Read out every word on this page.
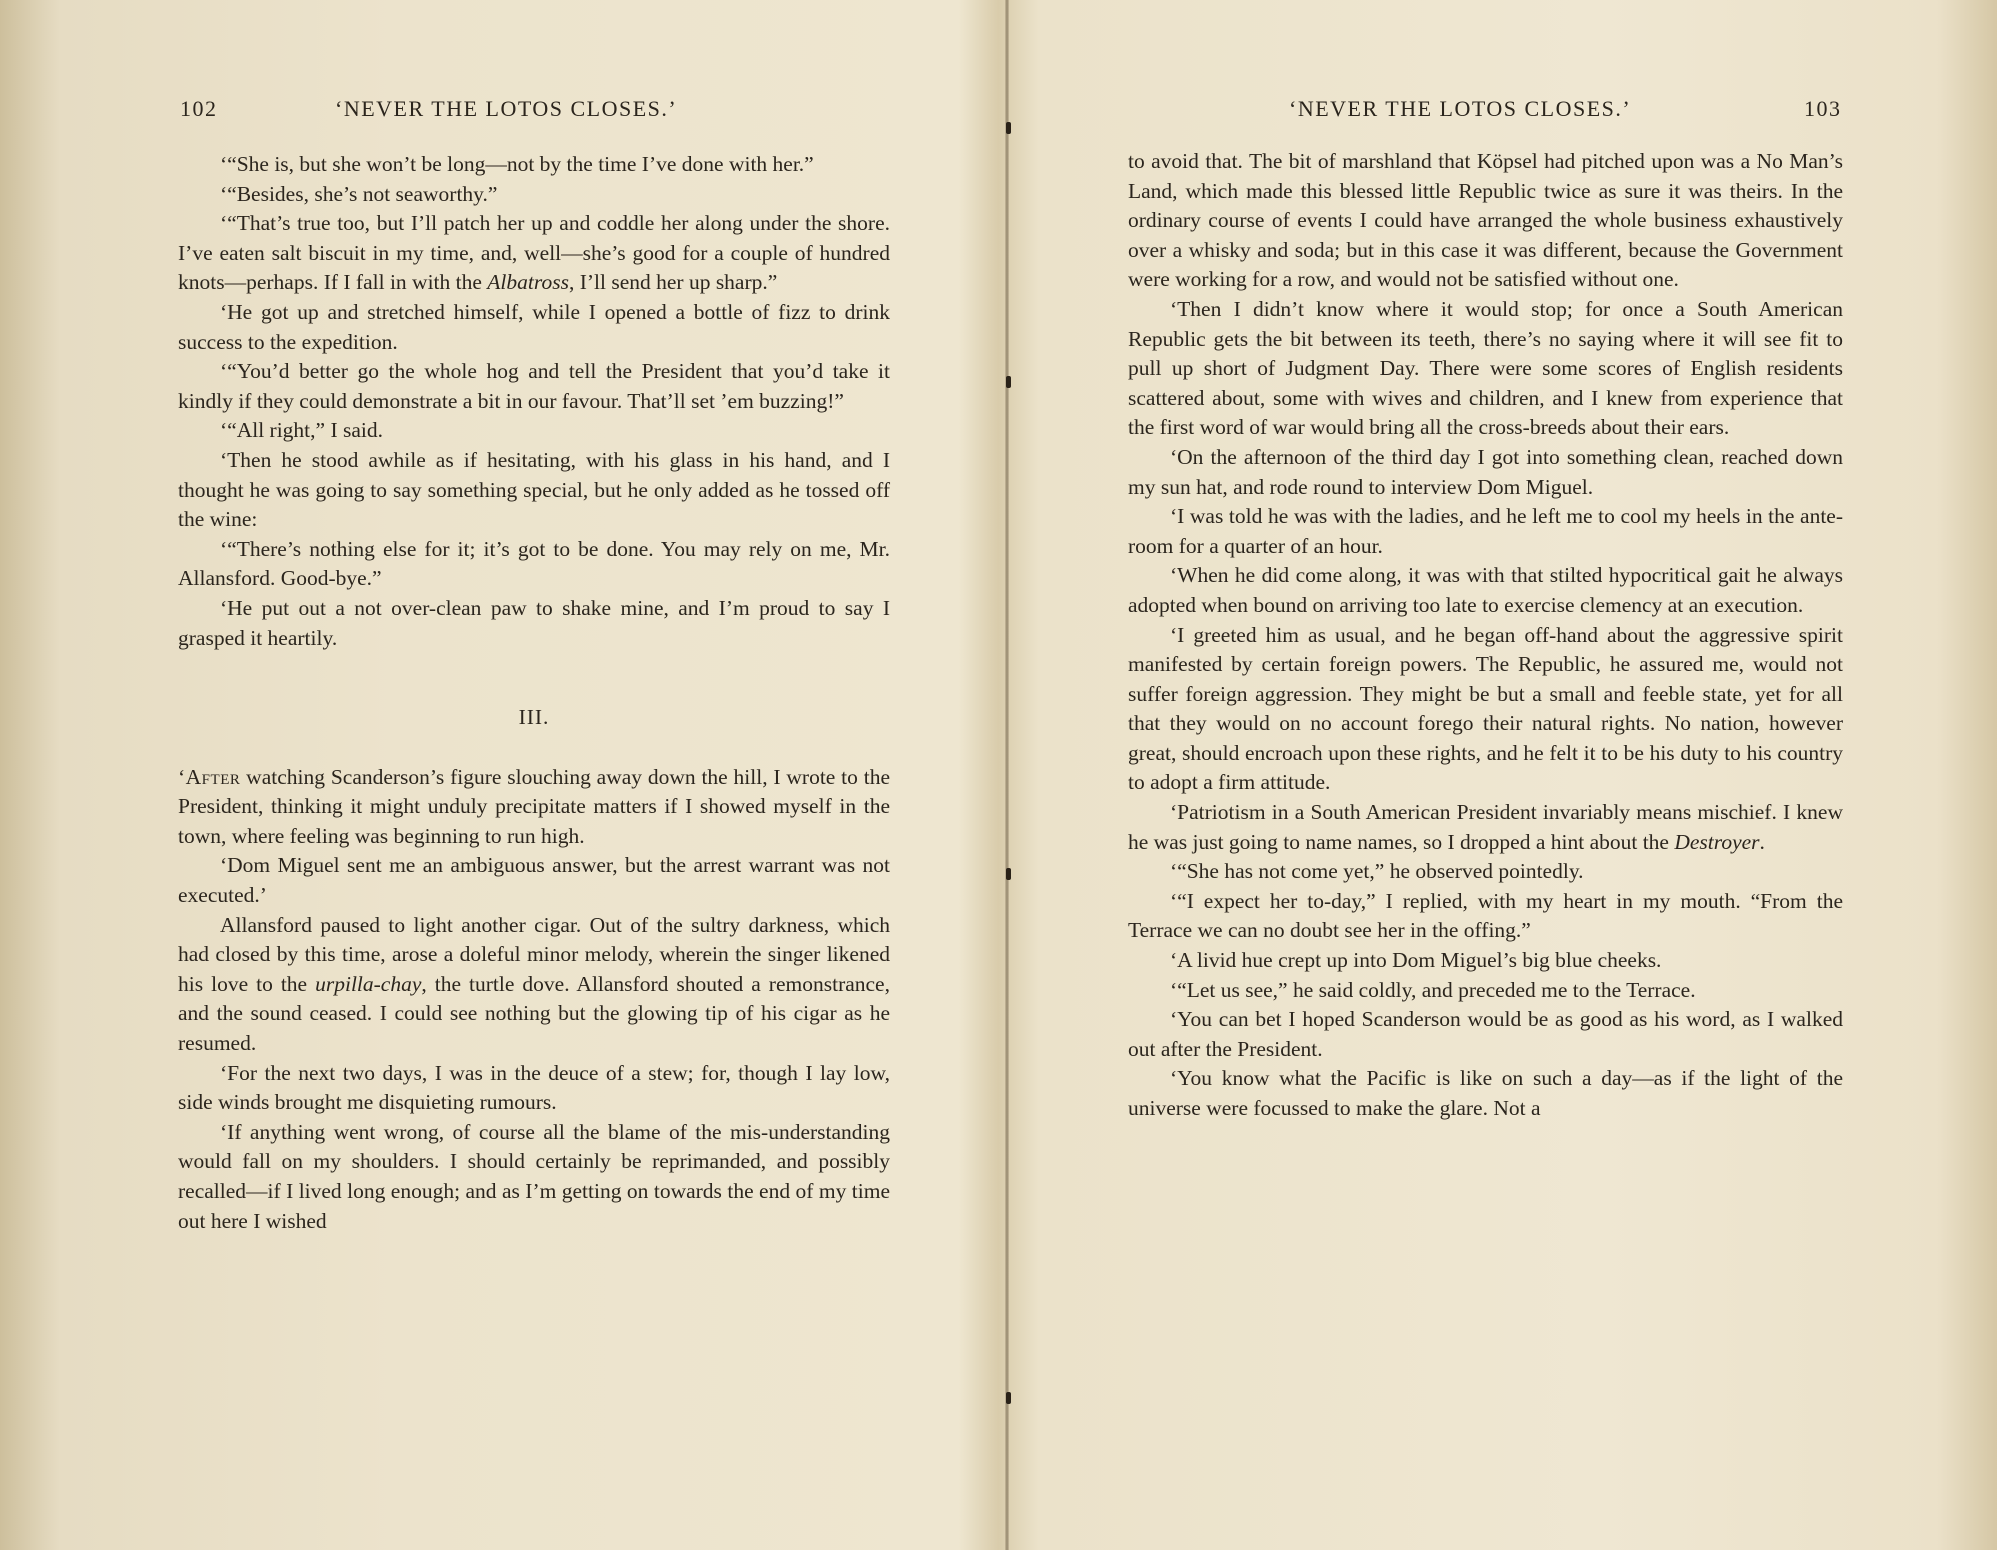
102	‘NEVER THE LOTOS CLOSES.’

‘“She is, but she won’t be long—not by the time I’ve done with her.”

‘“Besides, she’s not seaworthy.”

‘“That’s true too, but I’ll patch her up and coddle her along under the shore. I’ve eaten salt biscuit in my time, and, well—she’s good for a couple of hundred knots—perhaps. If I fall in with the Albatross, I’ll send her up sharp.”

‘He got up and stretched himself, while I opened a bottle of fizz to drink success to the expedition.

‘“You’d better go the whole hog and tell the President that you’d take it kindly if they could demonstrate a bit in our favour. That’ll set ’em buzzing!”

‘“All right,” I said.

‘Then he stood awhile as if hesitating, with his glass in his hand, and I thought he was going to say something special, but he only added as he tossed off the wine:

‘“There’s nothing else for it; it’s got to be done. You may rely on me, Mr. Allansford. Good-bye.”

‘He put out a not over-clean paw to shake mine, and I’m proud to say I grasped it heartily.

III.

‘After watching Scanderson’s figure slouching away down the hill, I wrote to the President, thinking it might unduly precipitate matters if I showed myself in the town, where feeling was beginning to run high.

‘Dom Miguel sent me an ambiguous answer, but the arrest warrant was not executed.’

Allansford paused to light another cigar. Out of the sultry darkness, which had closed by this time, arose a doleful minor melody, wherein the singer likened his love to the urpilla-chay, the turtle dove. Allansford shouted a remonstrance, and the sound ceased. I could see nothing but the glowing tip of his cigar as he resumed.

‘For the next two days, I was in the deuce of a stew; for, though I lay low, side winds brought me disquieting rumours.

‘If anything went wrong, of course all the blame of the mis-understanding would fall on my shoulders. I should certainly be reprimanded, and possibly recalled—if I lived long enough; and as I’m getting on towards the end of my time out here I wished

‘NEVER THE LOTOS CLOSES.’	103

to avoid that. The bit of marshland that Köpsel had pitched upon was a No Man’s Land, which made this blessed little Republic twice as sure it was theirs. In the ordinary course of events I could have arranged the whole business exhaustively over a whisky and soda; but in this case it was different, because the Government were working for a row, and would not be satisfied without one.

‘Then I didn’t know where it would stop; for once a South American Republic gets the bit between its teeth, there’s no saying where it will see fit to pull up short of Judgment Day. There were some scores of English residents scattered about, some with wives and children, and I knew from experience that the first word of war would bring all the cross-breeds about their ears.

‘On the afternoon of the third day I got into something clean, reached down my sun hat, and rode round to interview Dom Miguel.

‘I was told he was with the ladies, and he left me to cool my heels in the ante-room for a quarter of an hour.

‘When he did come along, it was with that stilted hypocritical gait he always adopted when bound on arriving too late to exercise clemency at an execution.

‘I greeted him as usual, and he began off-hand about the aggressive spirit manifested by certain foreign powers. The Republic, he assured me, would not suffer foreign aggression. They might be but a small and feeble state, yet for all that they would on no account forego their natural rights. No nation, however great, should encroach upon these rights, and he felt it to be his duty to his country to adopt a firm attitude.

‘Patriotism in a South American President invariably means mischief. I knew he was just going to name names, so I dropped a hint about the Destroyer.

‘“She has not come yet,” he observed pointedly.

‘“I expect her to-day,” I replied, with my heart in my mouth. “From the Terrace we can no doubt see her in the offing.”

‘A livid hue crept up into Dom Miguel’s big blue cheeks.

‘“Let us see,” he said coldly, and preceded me to the Terrace.

‘You can bet I hoped Scanderson would be as good as his word, as I walked out after the President.

‘You know what the Pacific is like on such a day—as if the light of the universe were focussed to make the glare. Not a
